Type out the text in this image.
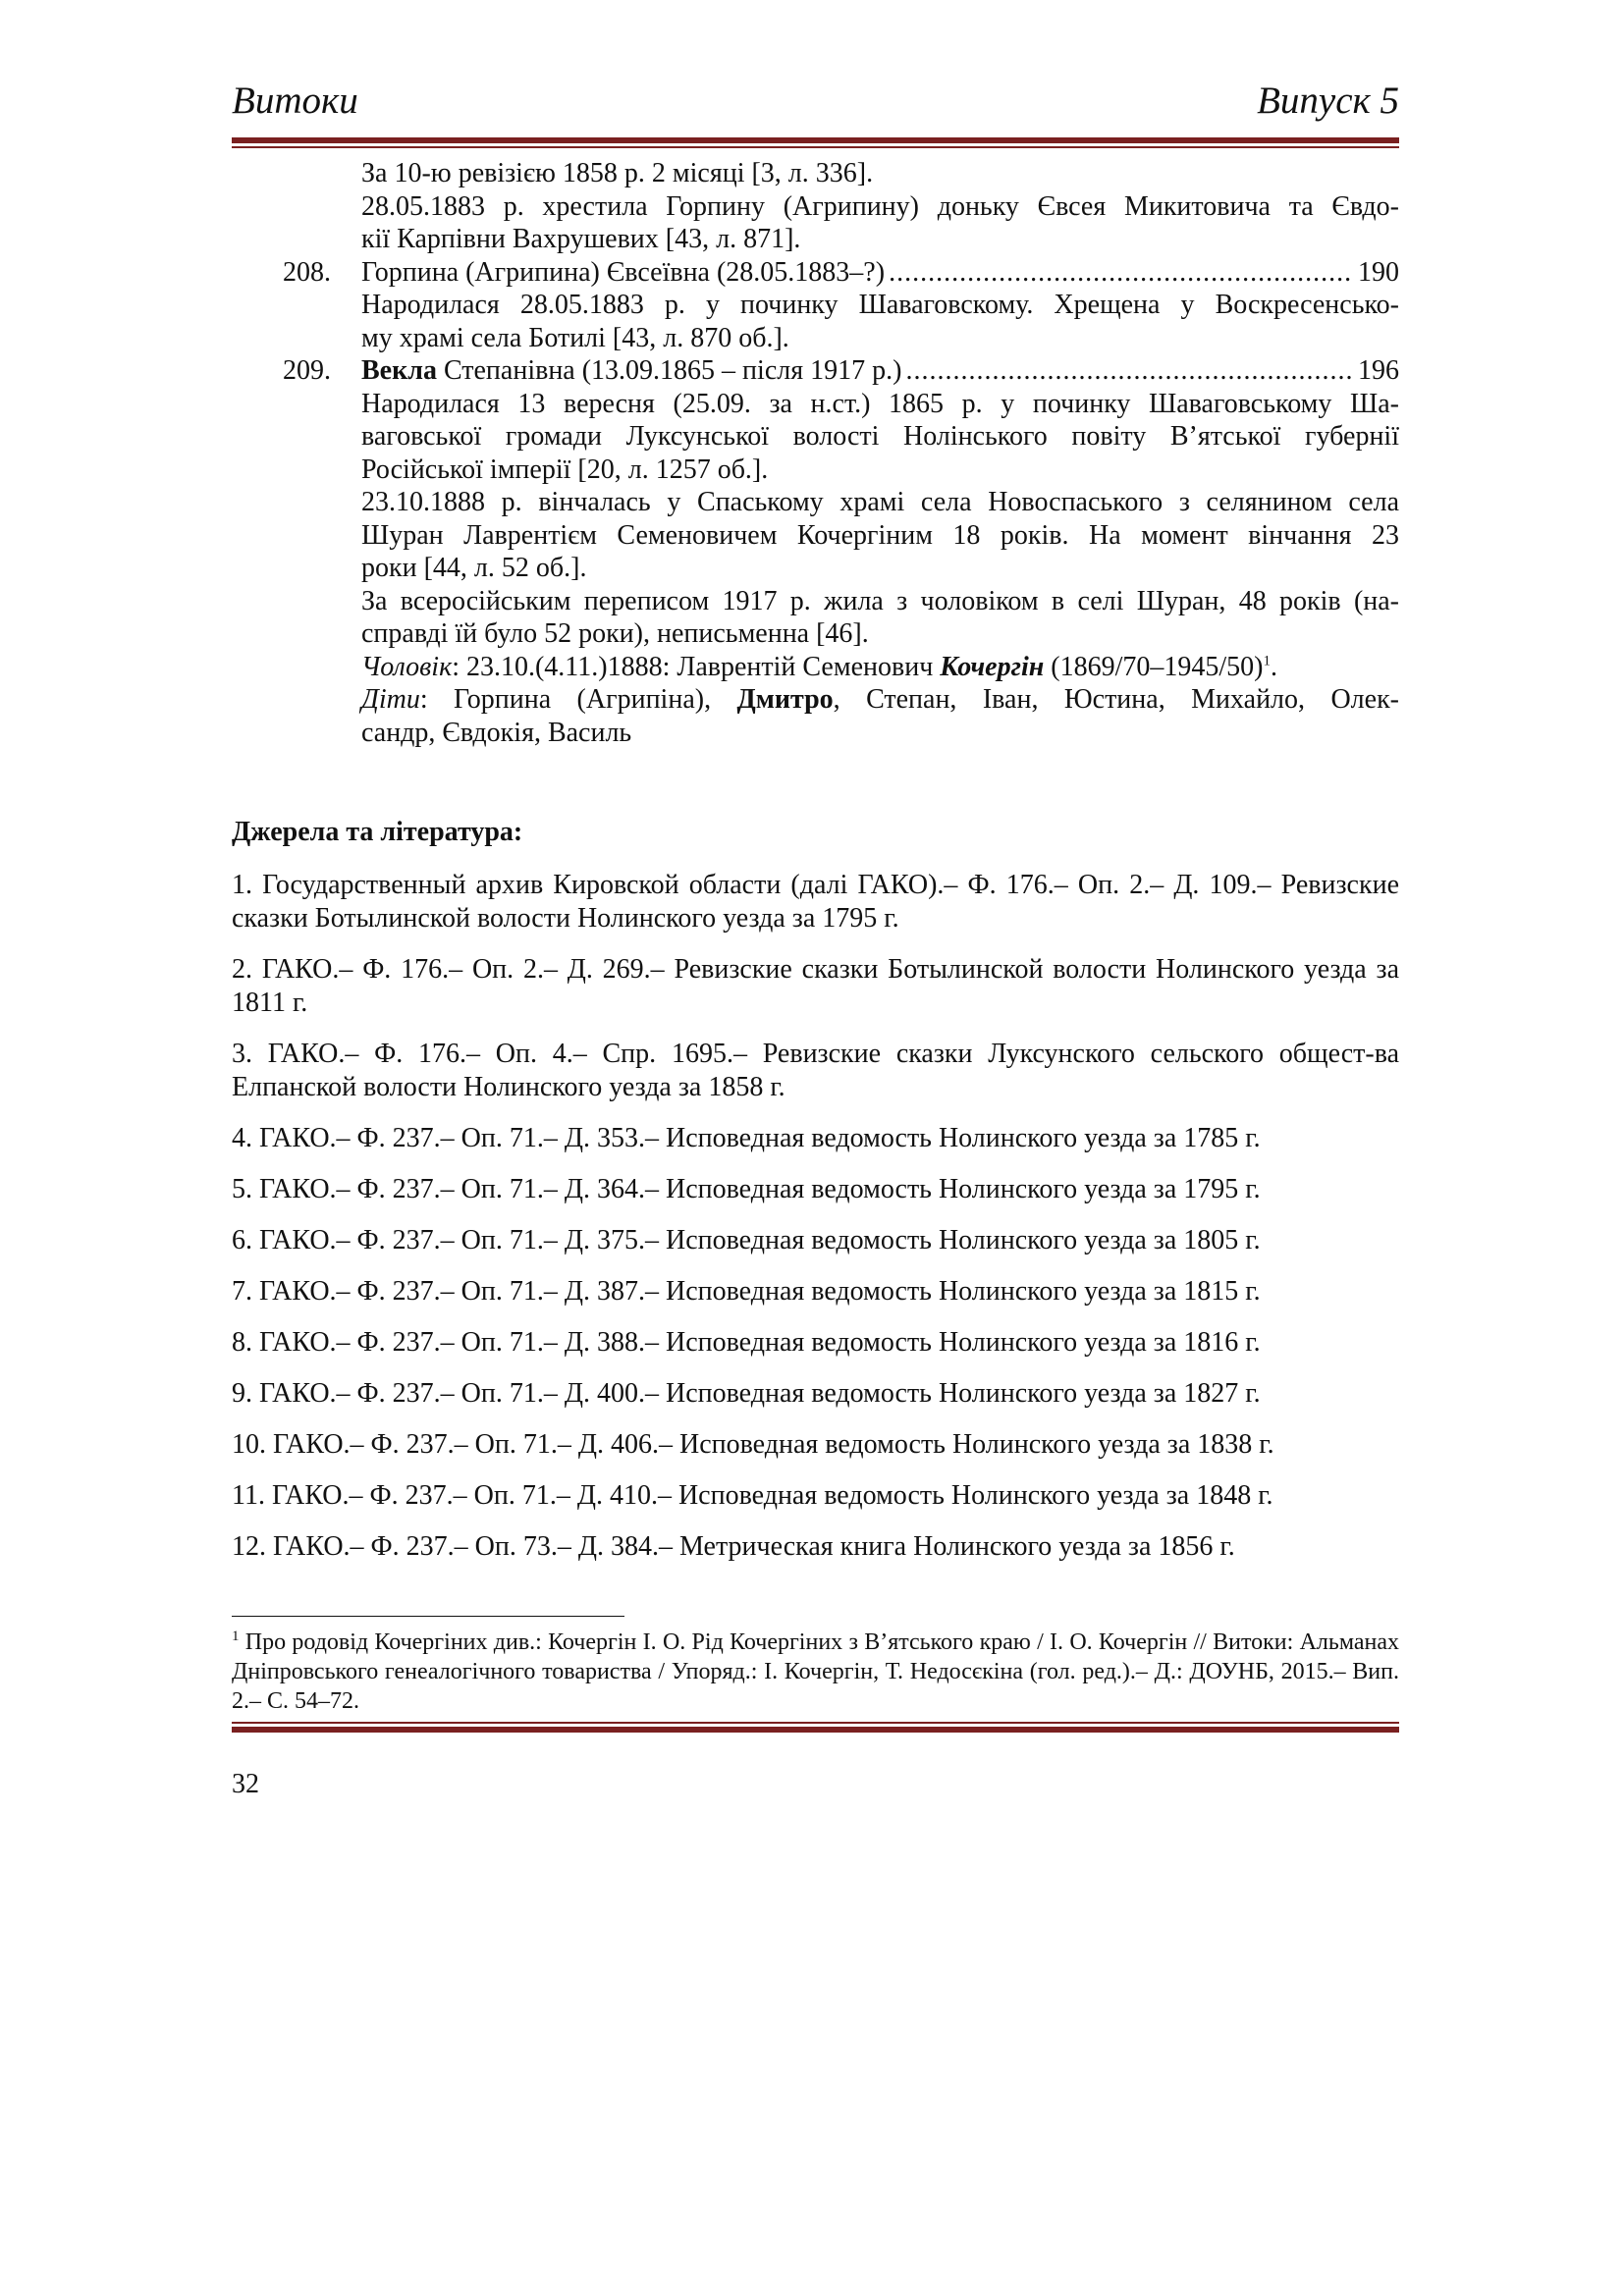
Витоки	Випуск 5
За 10-ю ревізією 1858 р. 2 місяці [3, л. 336].
28.05.1883 р. хрестила Горпину (Агрипину) доньку Євсея Микитовича та Євдо-
кії Карпівни Вахрушевих [43, л. 871].
208. Горпина (Агрипина) Євсеївна (28.05.1883–?) .....	190
Народилася 28.05.1883 р. у починку Шаваговскому. Хрещена у Воскресенсько-
му храмі села Ботилі [43, л. 870 об.].
209. Векла Степанівна (13.09.1865 – після 1917 р.) .....	196
Народилася 13 вересня (25.09. за н.ст.) 1865 р. у починку Шаваговському Ша-
ваговської громади Луксунської волості Нолінського повіту В’ятської губернії
Російської імперії [20, л. 1257 об.].
23.10.1888 р. вінчалась у Спаському храмі села Новоспаського з селянином села
Шуран Лаврентієм Семеновичем Кочергіним 18 років. На момент вінчання 23
роки [44, л. 52 об.].
За всеросійським переписом 1917 р. жила з чоловіком в селі Шуран, 48 років (на-
справді їй було 52 роки), неписьменна [46].
Чоловік: 23.10.(4.11.)1888: Лаврентій Семенович Кочергін $(1869/70-1945/50)^1$.
Діти: Горпина (Агрипіна), Дмитро, Степан, Іван, Юстина, Михайло, Олек-
сандр, Євдокія, Василь
Джерела та література:
1. Государственный архив Кировской области (далі ГАКО).– Ф. 176.– Оп. 2.– Д. 109.– Ревизские сказки Ботылинской волости Нолинского уезда за 1795 г.
2. ГАКО.– Ф. 176.– Оп. 2.– Д. 269.– Ревизские сказки Ботылинской волости Нолинского уезда за 1811 г.
3. ГАКО.– Ф. 176.– Оп. 4.– Спр. 1695.– Ревизские сказки Луксунского сельского общест-ва Елпанской волости Нолинского уезда за 1858 г.
4. ГАКО.– Ф. 237.– Оп. 71.– Д. 353.– Исповедная ведомость Нолинского уезда за 1785 г.
5. ГАКО.– Ф. 237.– Оп. 71.– Д. 364.– Исповедная ведомость Нолинского уезда за 1795 г.
6. ГАКО.– Ф. 237.– Оп. 71.– Д. 375.– Исповедная ведомость Нолинского уезда за 1805 г.
7. ГАКО.– Ф. 237.– Оп. 71.– Д. 387.– Исповедная ведомость Нолинского уезда за 1815 г.
8. ГАКО.– Ф. 237.– Оп. 71.– Д. 388.– Исповедная ведомость Нолинского уезда за 1816 г.
9. ГАКО.– Ф. 237.– Оп. 71.– Д. 400.– Исповедная ведомость Нолинского уезда за 1827 г.
10. ГАКО.– Ф. 237.– Оп. 71.– Д. 406.– Исповедная ведомость Нолинского уезда за 1838 г.
11. ГАКО.– Ф. 237.– Оп. 71.– Д. 410.– Исповедная ведомость Нолинского уезда за 1848 г.
12. ГАКО.– Ф. 237.– Оп. 73.– Д. 384.– Метрическая книга Нолинского уезда за 1856 г.
$^1$ Про родовід Кочергіних див.: Кочергін І. О. Рід Кочергіних з В’ятського краю / І. О. Кочергін // Витоки: Альманах Дніпровського генеалогічного товариства / Упоряд.: І. Кочергін, Т. Недосєкіна (гол. ред.).– Д.: ДОУНБ, 2015.– Вип. 2.– С. 54–72.
32
